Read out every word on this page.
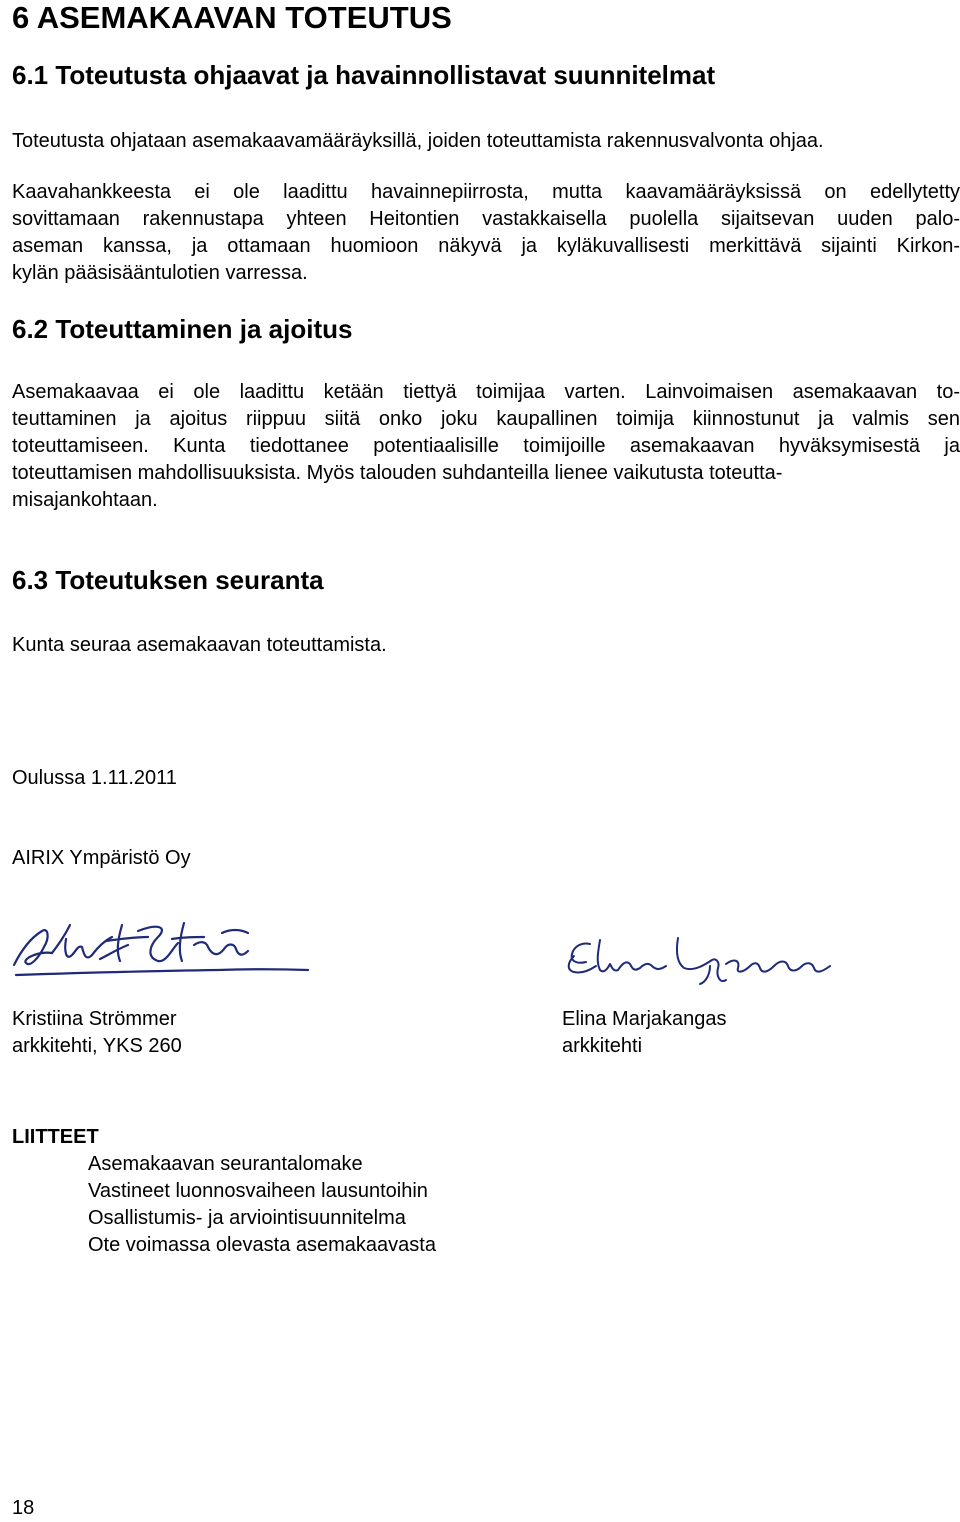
6 ASEMAKAAVAN TOTEUTUS
6.1 Toteutusta ohjaavat ja havainnollistavat suunnitelmat
Toteutusta ohjataan asemakaavamääräyksillä, joiden toteuttamista rakennusvalvonta ohjaa.
Kaavahankkeesta ei ole laadittu havainnepiirrosta, mutta kaavamääräyksissä on edellytetty
sovittamaan rakennustapa yhteen Heitontien vastakkaisella puolella sijaitsevan uuden palo-
aseman kanssa, ja ottamaan huomioon näkyvä ja kyläkuvallisesti merkittävä sijainti Kirkon-
kylän pääsisääntulotien varressa.
6.2 Toteuttaminen ja ajoitus
Asemakaavaa ei ole laadittu ketään tiettyä toimijaa varten. Lainvoimaisen asemakaavan to-
teuttaminen ja ajoitus riippuu siitä onko joku kaupallinen toimija kiinnostunut ja valmis sen
toteuttamiseen. Kunta tiedottanee potentiaalisille toimijoille asemakaavan hyväksymisestä ja
toteuttamisen mahdollisuuksista. Myös talouden suhdanteilla lienee vaikutusta toteutta-
misajankohtaan.
6.3 Toteutuksen seuranta
Kunta seuraa asemakaavan toteuttamista.
Oulussa 1.11.2011
AIRIX Ympäristö Oy
Kristiina Strömmer
arkkitehti, YKS 260
Elina Marjakangas
arkkitehti
LIITTEET
Asemakaavan seurantalomake
Vastineet luonnosvaiheen lausuntoihin
Osallistumis- ja arviointisuunnitelma
Ote voimassa olevasta asemakaavasta
18
